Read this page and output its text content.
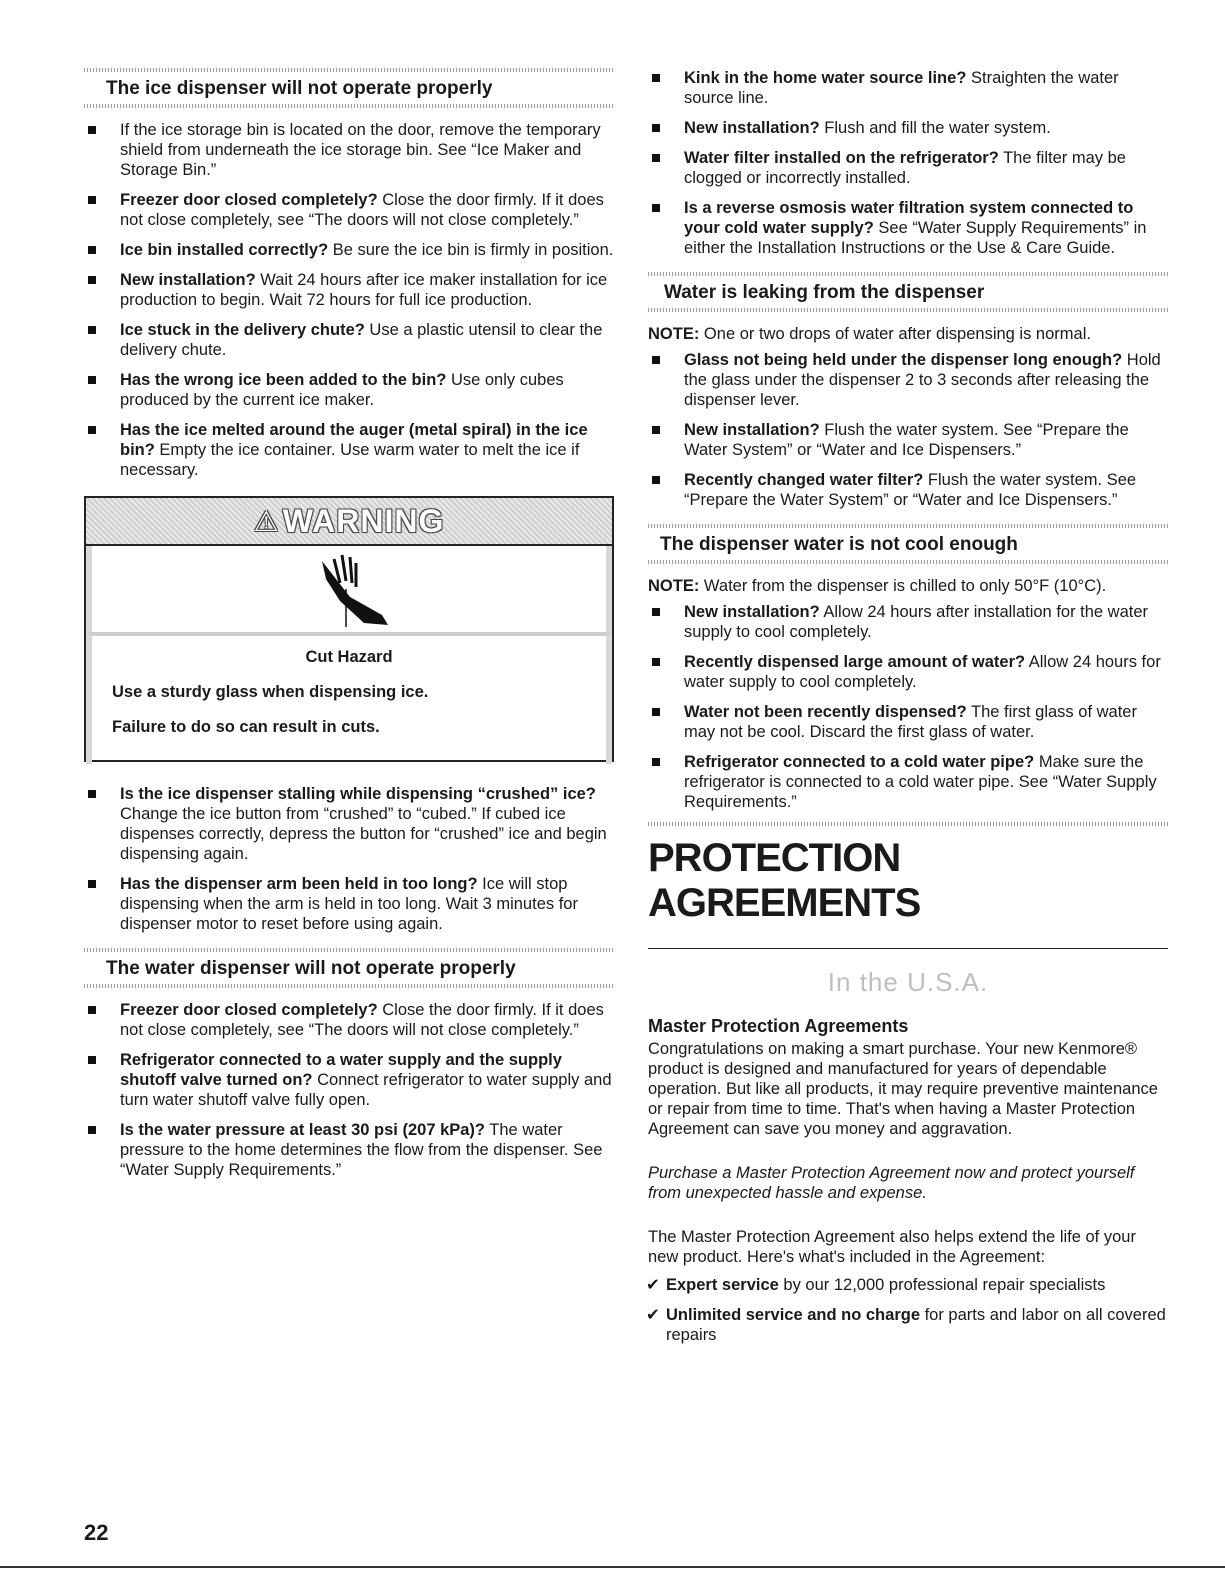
The ice dispenser will not operate properly
If the ice storage bin is located on the door, remove the temporary shield from underneath the ice storage bin. See “Ice Maker and Storage Bin.”
Freezer door closed completely? Close the door firmly. If it does not close completely, see “The doors will not close completely.”
Ice bin installed correctly? Be sure the ice bin is firmly in position.
New installation? Wait 24 hours after ice maker installation for ice production to begin. Wait 72 hours for full ice production.
Ice stuck in the delivery chute? Use a plastic utensil to clear the delivery chute.
Has the wrong ice been added to the bin? Use only cubes produced by the current ice maker.
Has the ice melted around the auger (metal spiral) in the ice bin? Empty the ice container. Use warm water to melt the ice if necessary.
⚠ WARNING
Cut Hazard
Use a sturdy glass when dispensing ice.
Failure to do so can result in cuts.
Is the ice dispenser stalling while dispensing “crushed” ice? Change the ice button from “crushed” to “cubed.” If cubed ice dispenses correctly, depress the button for “crushed” ice and begin dispensing again.
Has the dispenser arm been held in too long? Ice will stop dispensing when the arm is held in too long. Wait 3 minutes for dispenser motor to reset before using again.
The water dispenser will not operate properly
Freezer door closed completely? Close the door firmly. If it does not close completely, see “The doors will not close completely.”
Refrigerator connected to a water supply and the supply shutoff valve turned on? Connect refrigerator to water supply and turn water shutoff valve fully open.
Is the water pressure at least 30 psi (207 kPa)? The water pressure to the home determines the flow from the dispenser. See “Water Supply Requirements.”
Kink in the home water source line? Straighten the water source line.
New installation? Flush and fill the water system.
Water filter installed on the refrigerator? The filter may be clogged or incorrectly installed.
Is a reverse osmosis water filtration system connected to your cold water supply? See “Water Supply Requirements” in either the Installation Instructions or the Use & Care Guide.
Water is leaking from the dispenser
NOTE: One or two drops of water after dispensing is normal.
Glass not being held under the dispenser long enough? Hold the glass under the dispenser 2 to 3 seconds after releasing the dispenser lever.
New installation? Flush the water system. See “Prepare the Water System” or “Water and Ice Dispensers.”
Recently changed water filter? Flush the water system. See “Prepare the Water System” or “Water and Ice Dispensers.”
The dispenser water is not cool enough
NOTE: Water from the dispenser is chilled to only 50°F (10°C).
New installation? Allow 24 hours after installation for the water supply to cool completely.
Recently dispensed large amount of water? Allow 24 hours for water supply to cool completely.
Water not been recently dispensed? The first glass of water may not be cool. Discard the first glass of water.
Refrigerator connected to a cold water pipe? Make sure the refrigerator is connected to a cold water pipe. See “Water Supply Requirements.”
PROTECTION AGREEMENTS
In the U.S.A.
Master Protection Agreements

Congratulations on making a smart purchase. Your new Kenmore® product is designed and manufactured for years of dependable operation. But like all products, it may require preventive maintenance or repair from time to time. That's when having a Master Protection Agreement can save you money and aggravation.

Purchase a Master Protection Agreement now and protect yourself from unexpected hassle and expense.

The Master Protection Agreement also helps extend the life of your new product. Here's what's included in the Agreement:

✔ Expert service by our 12,000 professional repair specialists
✔ Unlimited service and no charge for parts and labor on all covered repairs
22
